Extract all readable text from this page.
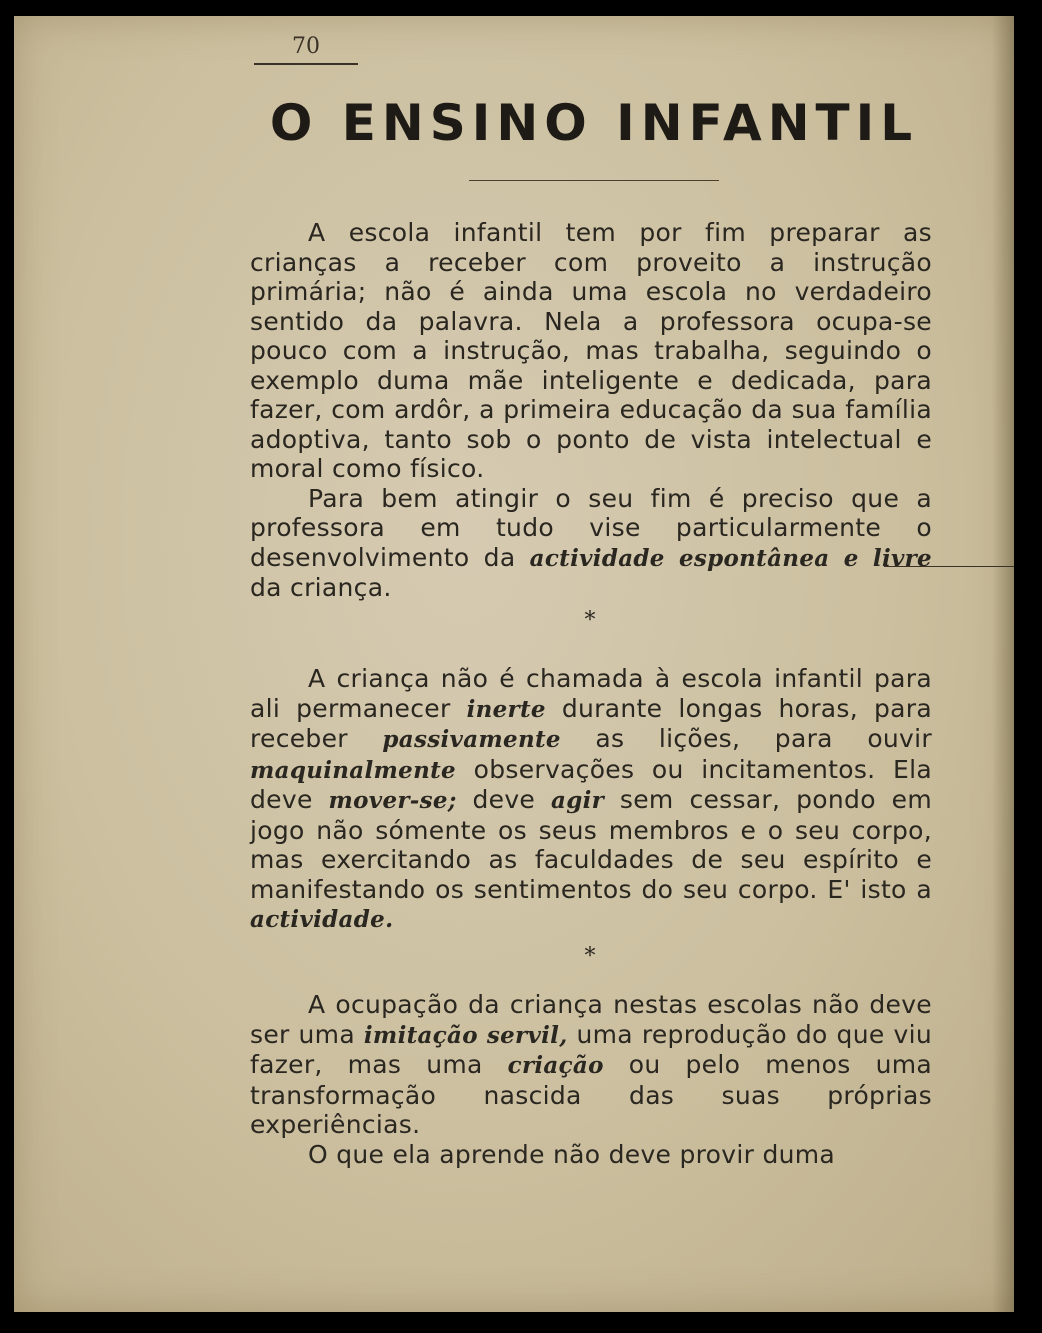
70
O ENSINO INFANTIL

A escola infantil tem por fim preparar as crianças a receber com proveito a instrução primária; não é ainda uma escola no verdadeiro sentido da palavra. Nela a professora ocupa-se pouco com a instrução, mas trabalha, seguindo o exemplo duma mãe inteligente e dedicada, para fazer, com ardôr, a primeira educação da sua família adoptiva, tanto sob o ponto de vista intelectual e moral como físico.

Para bem atingir o seu fim é preciso que a professora em tudo vise particularmente o desenvolvimento da actividade espontânea e livre da criança.

*

A criança não é chamada à escola infantil para ali permanecer inerte durante longas horas, para receber passivamente as lições, para ouvir maquinalmente observações ou incitamentos. Ela deve mover-se; deve agir sem cessar, pondo em jogo não sómente os seus membros e o seu corpo, mas exercitando as faculdades de seu espírito e manifestando os sentimentos do seu corpo. E' isto a actividade.

*

A ocupação da criança nestas escolas não deve ser uma imitação servil, uma reprodução do que viu fazer, mas uma criação ou pelo menos uma transformação nascida das suas próprias experiências.

O que ela aprende não deve provir duma
